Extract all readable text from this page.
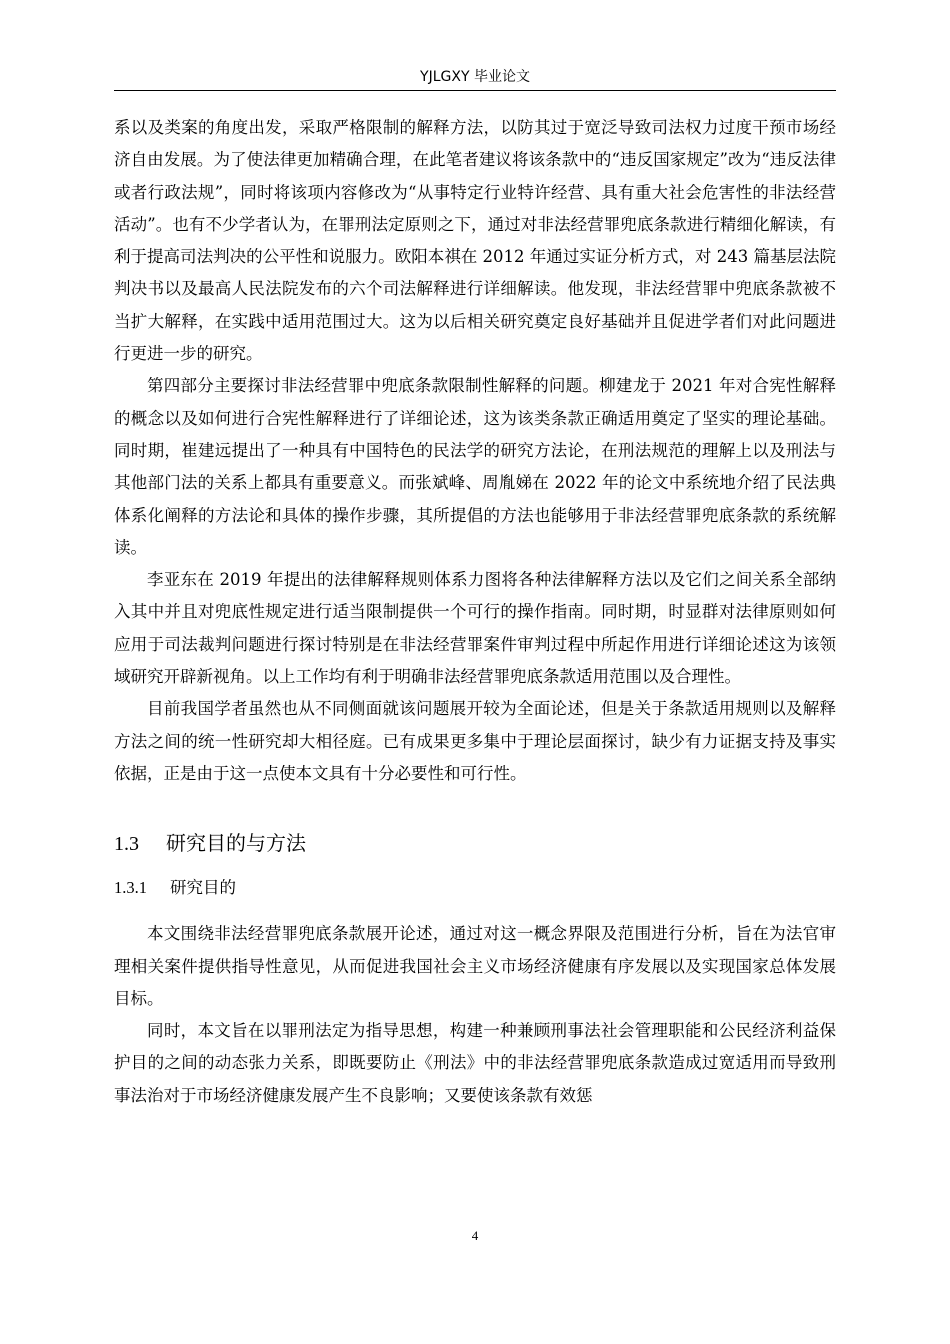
YJLGXY 毕业论文

系以及类案的角度出发，采取严格限制的解释方法，以防其过于宽泛导致司法权力过度干预市场经济自由发展。为了使法律更加精确合理，在此笔者建议将该条款中的“违反国家规定”改为“违反法律或者行政法规”，同时将该项内容修改为“从事特定行业特许经营、具有重大社会危害性的非法经营活动”。也有不少学者认为，在罪刑法定原则之下，通过对非法经营罪兜底条款进行精细化解读，有利于提高司法判决的公平性和说服力。欧阳本祺在 2012 年通过实证分析方式，对 243 篇基层法院判决书以及最高人民法院发布的六个司法解释进行详细解读。他发现，非法经营罪中兜底条款被不当扩大解释，在实践中适用范围过大。这为以后相关研究奠定良好基础并且促进学者们对此问题进行更进一步的研究。

第四部分主要探讨非法经营罪中兜底条款限制性解释的问题。柳建龙于 2021 年对合宪性解释的概念以及如何进行合宪性解释进行了详细论述，这为该类条款正确适用奠定了坚实的理论基础。同时期，崔建远提出了一种具有中国特色的民法学的研究方法论，在刑法规范的理解上以及刑法与其他部门法的关系上都具有重要意义。而张斌峰、周胤娣在 2022 年的论文中系统地介绍了民法典体系化阐释的方法论和具体的操作步骤，其所提倡的方法也能够用于非法经营罪兜底条款的系统解读。

李亚东在 2019 年提出的法律解释规则体系力图将各种法律解释方法以及它们之间关系全部纳入其中并且对兜底性规定进行适当限制提供一个可行的操作指南。同时期，时显群对法律原则如何应用于司法裁判问题进行探讨特别是在非法经营罪案件审判过程中所起作用进行详细论述这为该领域研究开辟新视角。以上工作均有利于明确非法经营罪兜底条款适用范围以及合理性。

目前我国学者虽然也从不同侧面就该问题展开较为全面论述，但是关于条款适用规则以及解释方法之间的统一性研究却大相径庭。已有成果更多集中于理论层面探讨，缺少有力证据支持及事实依据，正是由于这一点使本文具有十分必要性和可行性。

1.3 研究目的与方法
1.3.1 研究目的

本文围绕非法经营罪兜底条款展开论述，通过对这一概念界限及范围进行分析，旨在为法官审理相关案件提供指导性意见，从而促进我国社会主义市场经济健康有序发展以及实现国家总体发展目标。

同时，本文旨在以罪刑法定为指导思想，构建一种兼顾刑事法社会管理职能和公民经济利益保护目的之间的动态张力关系，即既要防止《刑法》中的非法经营罪兜底条款造成过宽适用而导致刑事法治对于市场经济健康发展产生不良影响；又要使该条款有效惩

4
